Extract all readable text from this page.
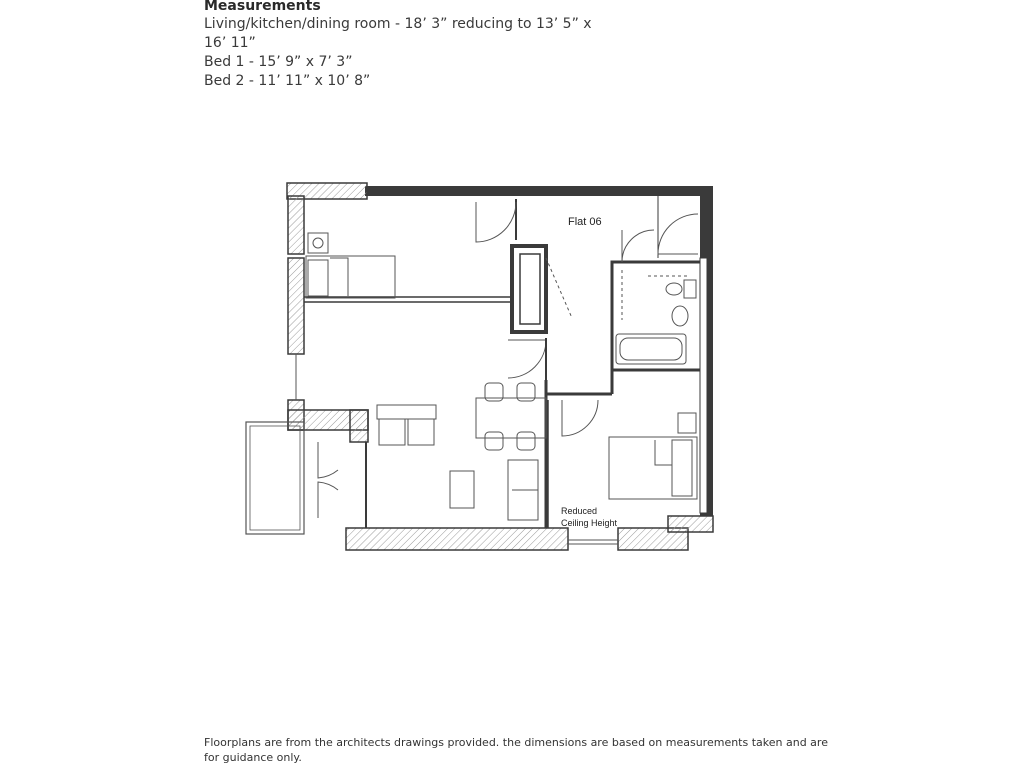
Measurements
Living/kitchen/dining room - 18’ 3” reducing to 13’ 5” x
16’ 11”
Bed 1 - 15’ 9” x 7’ 3”
Bed 2 - 11’ 11” x 10’ 8”
Flat 06
Reduced
Ceiling Height
Floorplans are from the architects drawings provided. the dimensions are based on measurements taken and are for guidance only.
